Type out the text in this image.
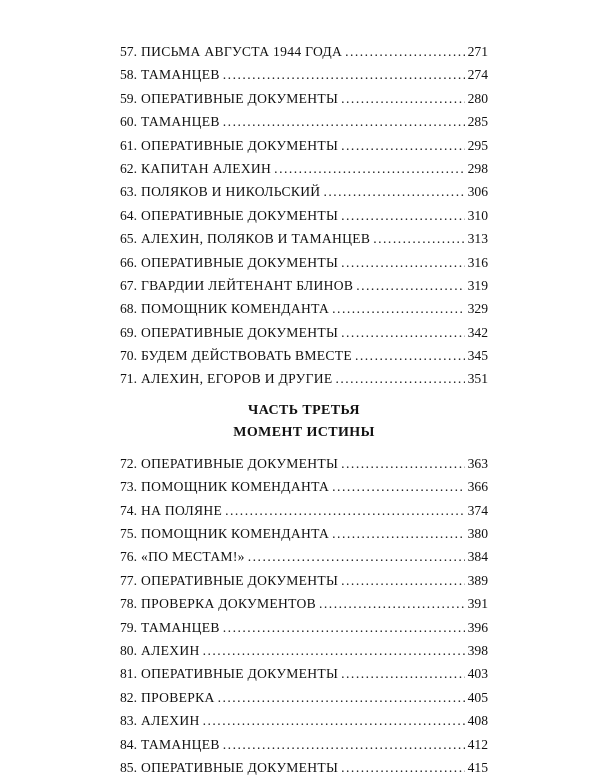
57. ПИСЬМА АВГУСТА 1944 ГОДА .....	271
58. ТАМАНЦЕВ .....	274
59. ОПЕРАТИВНЫЕ ДОКУМЕНТЫ .....	280
60. ТАМАНЦЕВ .....	285
61. ОПЕРАТИВНЫЕ ДОКУМЕНТЫ .....	295
62. КАПИТАН АЛЕХИН .....	298
63. ПОЛЯКОВ И НИКОЛЬСКИЙ .....	306
64. ОПЕРАТИВНЫЕ ДОКУМЕНТЫ .....	310
65. АЛЕХИН, ПОЛЯКОВ И ТАМАНЦЕВ .....	313
66. ОПЕРАТИВНЫЕ ДОКУМЕНТЫ .....	316
67. ГВАРДИИ ЛЕЙТЕНАНТ БЛИНОВ .....	319
68. ПОМОЩНИК КОМЕНДАНТА .....	329
69. ОПЕРАТИВНЫЕ ДОКУМЕНТЫ .....	342
70. БУДЕМ ДЕЙСТВОВАТЬ ВМЕСТЕ .....	345
71. АЛЕХИН, ЕГОРОВ И ДРУГИЕ .....	351
ЧАСТЬ ТРЕТЬЯ
МОМЕНТ ИСТИНЫ
72. ОПЕРАТИВНЫЕ ДОКУМЕНТЫ .....	363
73. ПОМОЩНИК КОМЕНДАНТА .....	366
74. НА ПОЛЯНЕ .....	374
75. ПОМОЩНИК КОМЕНДАНТА .....	380
76. «ПО МЕСТАМ!» .....	384
77. ОПЕРАТИВНЫЕ ДОКУМЕНТЫ .....	389
78. ПРОВЕРКА ДОКУМЕНТОВ .....	391
79. ТАМАНЦЕВ .....	396
80. АЛЕХИН .....	398
81. ОПЕРАТИВНЫЕ ДОКУМЕНТЫ .....	403
82. ПРОВЕРКА .....	405
83. АЛЕХИН .....	408
84. ТАМАНЦЕВ .....	412
85. ОПЕРАТИВНЫЕ ДОКУМЕНТЫ .....	415
